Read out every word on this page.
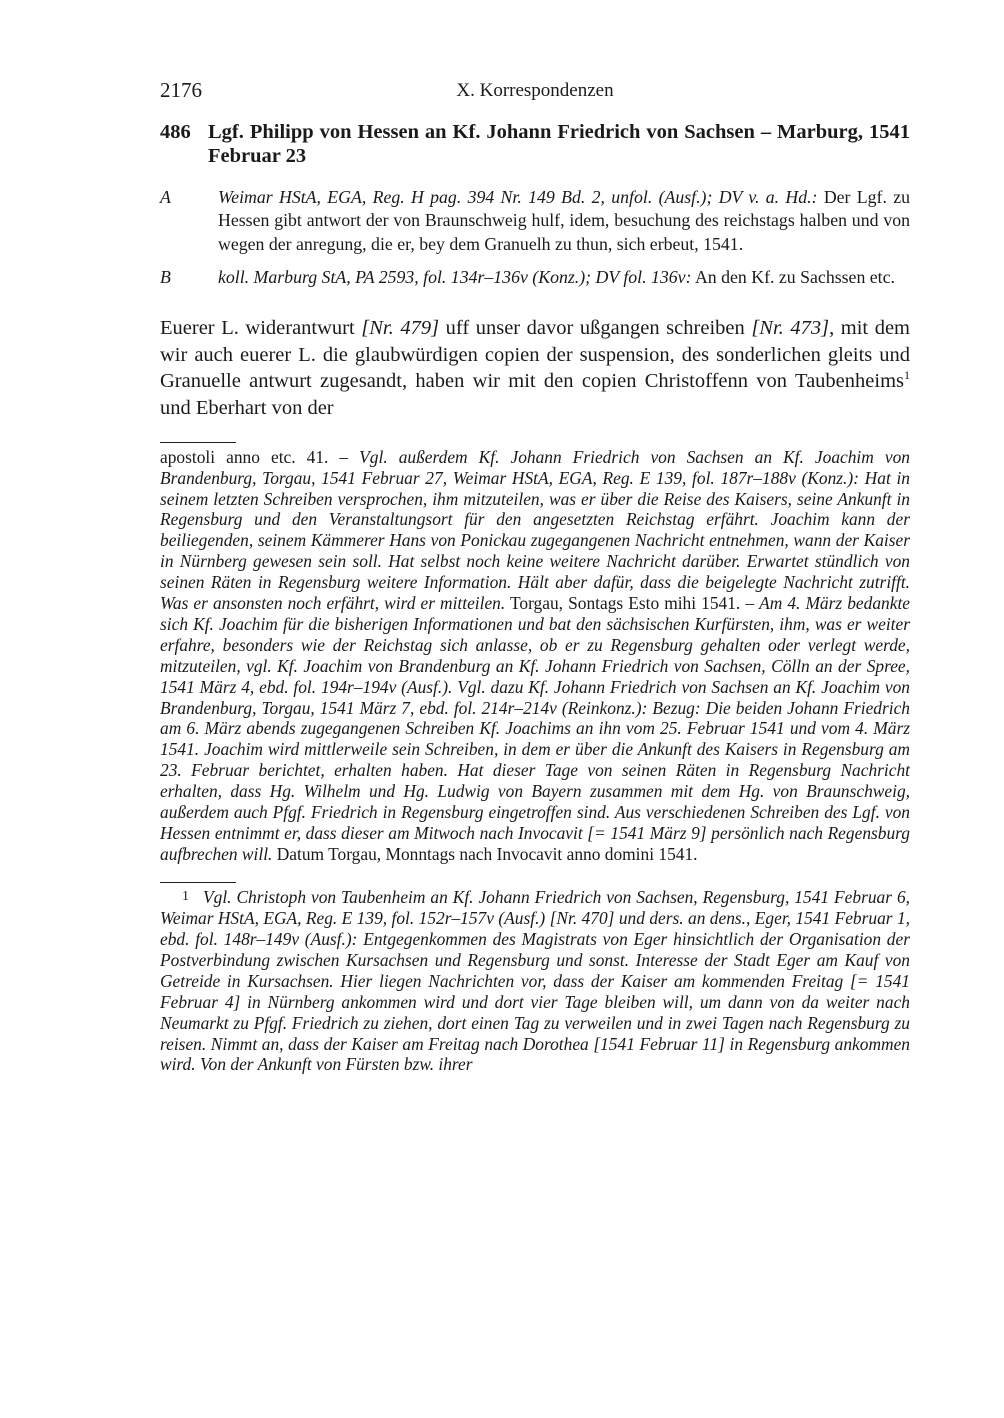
2176	X. Korrespondenzen
486 Lgf. Philipp von Hessen an Kf. Johann Friedrich von Sachsen – Marburg, 1541 Februar 23
A	Weimar HStA, EGA, Reg. H pag. 394 Nr. 149 Bd. 2, unfol. (Ausf.); DV v. a. Hd.: Der Lgf. zu Hessen gibt antwort der von Braunschweig hulf, idem, besuchung des reichstags halben und von wegen der anregung, die er, bey dem Granuelh zu thun, sich erbeut, 1541.
B	koll. Marburg StA, PA 2593, fol. 134r–136v (Konz.); DV fol. 136v: An den Kf. zu Sachssen etc.

Euerer L. widerantwurt [Nr. 479] uff unser davor ußgangen schreiben [Nr. 473], mit dem wir auch euerer L. die glaubwürdigen copien der suspension, des sonderlichen gleits und Granuelle antwurt zugesandt, haben wir mit den copien Christoffenn von Taubenheims$^1$ und Eberhart von der

apostoli anno etc. 41. – Vgl. außerdem Kf. Johann Friedrich von Sachsen an Kf. Joachim von Brandenburg, Torgau, 1541 Februar 27, Weimar HStA, EGA, Reg. E 139, fol. 187r–188v (Konz.): Hat in seinem letzten Schreiben versprochen, ihm mitzuteilen, was er über die Reise des Kaisers, seine Ankunft in Regensburg und den Veranstaltungsort für den angesetzten Reichstag erfährt. Joachim kann der beiliegenden, seinem Kämmerer Hans von Ponickau zugegangenen Nachricht entnehmen, wann der Kaiser in Nürnberg gewesen sein soll. Hat selbst noch keine weitere Nachricht darüber. Erwartet stündlich von seinen Räten in Regensburg weitere Information. Hält aber dafür, dass die beigelegte Nachricht zutrifft. Was er ansonsten noch erfährt, wird er mitteilen. Torgau, Sontags Esto mihi 1541. – Am 4. März bedankte sich Kf. Joachim für die bisherigen Informationen und bat den sächsischen Kurfürsten, ihm, was er weiter erfahre, besonders wie der Reichstag sich anlasse, ob er zu Regensburg gehalten oder verlegt werde, mitzuteilen, vgl. Kf. Joachim von Brandenburg an Kf. Johann Friedrich von Sachsen, Cölln an der Spree, 1541 März 4, ebd. fol. 194r–194v (Ausf.). Vgl. dazu Kf. Johann Friedrich von Sachsen an Kf. Joachim von Brandenburg, Torgau, 1541 März 7, ebd. fol. 214r–214v (Reinkonz.): Bezug: Die beiden Johann Friedrich am 6. März abends zugegangenen Schreiben Kf. Joachims an ihn vom 25. Februar 1541 und vom 4. März 1541. Joachim wird mittlerweile sein Schreiben, in dem er über die Ankunft des Kaisers in Regensburg am 23. Februar berichtet, erhalten haben. Hat dieser Tage von seinen Räten in Regensburg Nachricht erhalten, dass Hg. Wilhelm und Hg. Ludwig von Bayern zusammen mit dem Hg. von Braunschweig, außerdem auch Pfgf. Friedrich in Regensburg eingetroffen sind. Aus verschiedenen Schreiben des Lgf. von Hessen entnimmt er, dass dieser am Mitwoch nach Invocavit [= 1541 März 9] persönlich nach Regensburg aufbrechen will. Datum Torgau, Monntags nach Invocavit anno domini 1541.

1 Vgl. Christoph von Taubenheim an Kf. Johann Friedrich von Sachsen, Regensburg, 1541 Februar 6, Weimar HStA, EGA, Reg. E 139, fol. 152r–157v (Ausf.) [Nr. 470] und ders. an dens., Eger, 1541 Februar 1, ebd. fol. 148r–149v (Ausf.): Entgegenkommen des Magistrats von Eger hinsichtlich der Organisation der Postverbindung zwischen Kursachsen und Regensburg und sonst. Interesse der Stadt Eger am Kauf von Getreide in Kursachsen. Hier liegen Nachrichten vor, dass der Kaiser am kommenden Freitag [= 1541 Februar 4] in Nürnberg ankommen wird und dort vier Tage bleiben will, um dann von da weiter nach Neumarkt zu Pfgf. Friedrich zu ziehen, dort einen Tag zu verweilen und in zwei Tagen nach Regensburg zu reisen. Nimmt an, dass der Kaiser am Freitag nach Dorothea [1541 Februar 11] in Regensburg ankommen wird. Von der Ankunft von Fürsten bzw. ihrer
